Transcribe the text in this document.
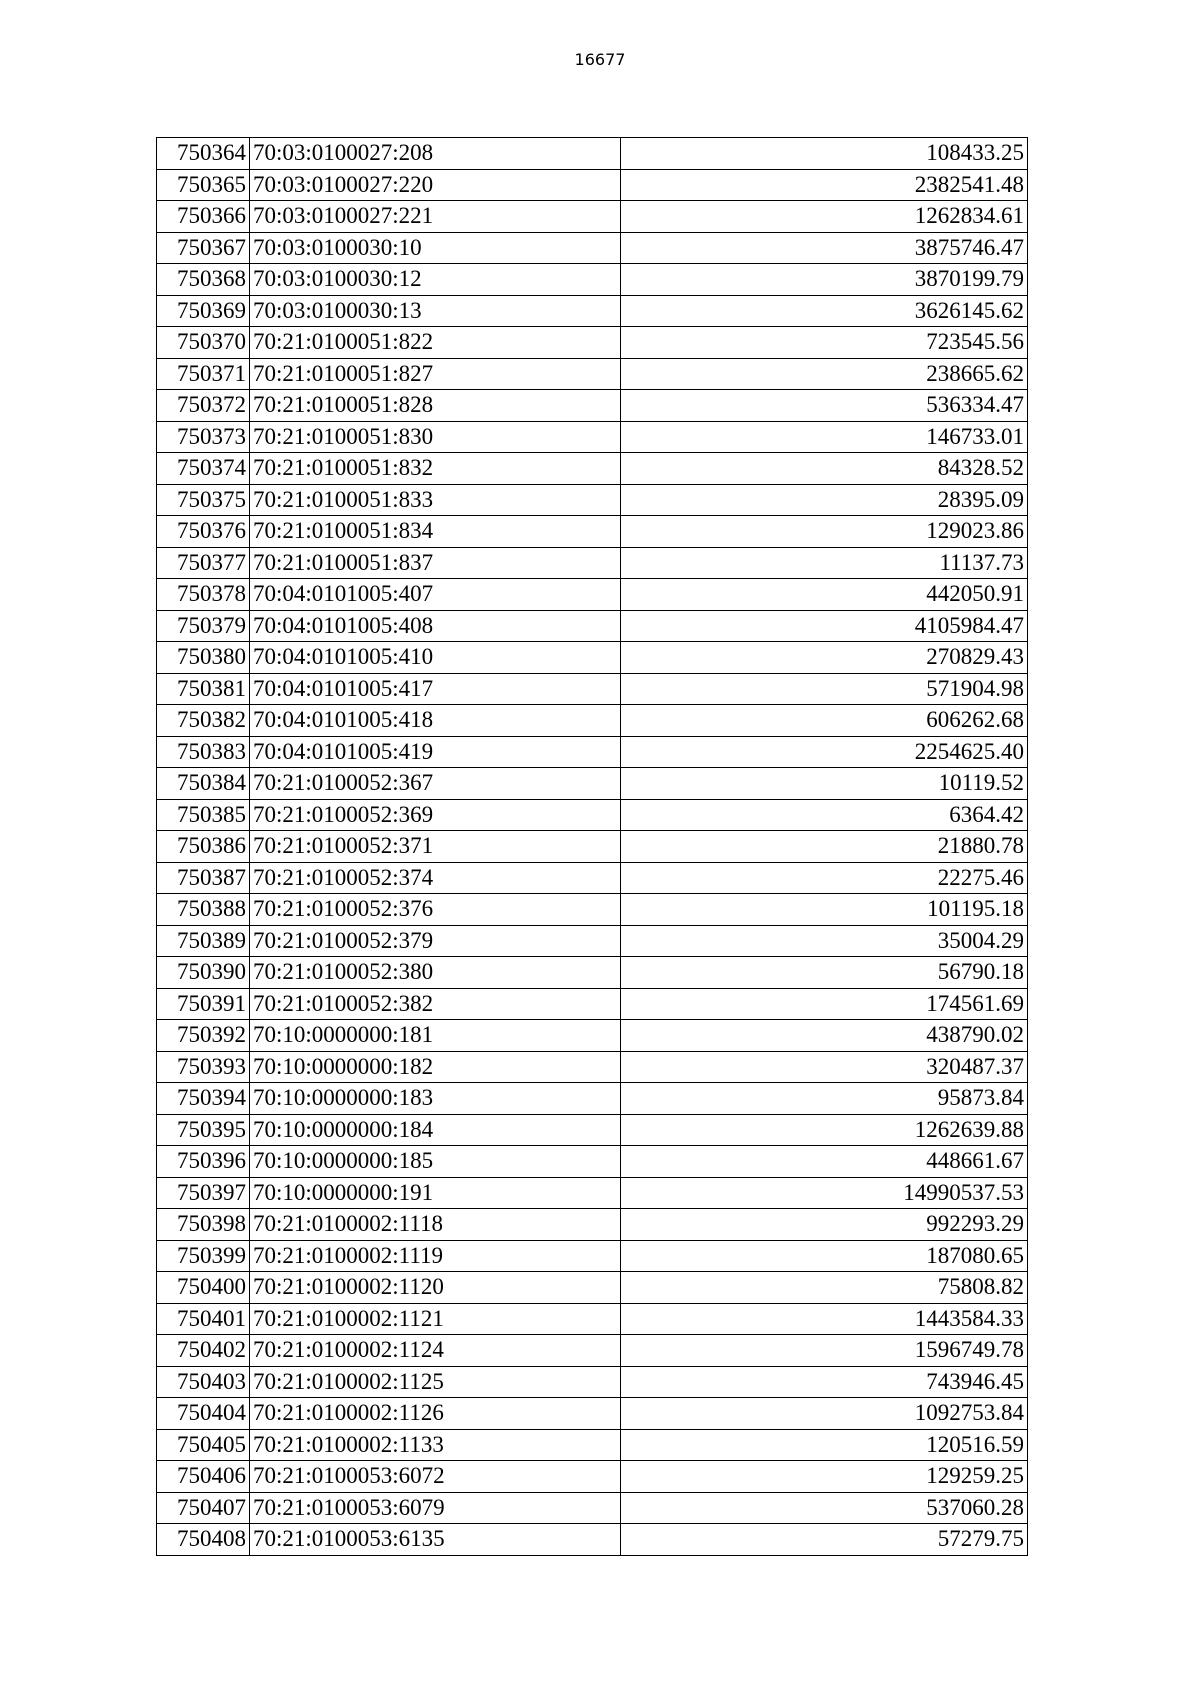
16677
750364	70:03:0100027:208	108433.25
750365	70:03:0100027:220	2382541.48
750366	70:03:0100027:221	1262834.61
750367	70:03:0100030:10	3875746.47
750368	70:03:0100030:12	3870199.79
750369	70:03:0100030:13	3626145.62
750370	70:21:0100051:822	723545.56
750371	70:21:0100051:827	238665.62
750372	70:21:0100051:828	536334.47
750373	70:21:0100051:830	146733.01
750374	70:21:0100051:832	84328.52
750375	70:21:0100051:833	28395.09
750376	70:21:0100051:834	129023.86
750377	70:21:0100051:837	11137.73
750378	70:04:0101005:407	442050.91
750379	70:04:0101005:408	4105984.47
750380	70:04:0101005:410	270829.43
750381	70:04:0101005:417	571904.98
750382	70:04:0101005:418	606262.68
750383	70:04:0101005:419	2254625.40
750384	70:21:0100052:367	10119.52
750385	70:21:0100052:369	6364.42
750386	70:21:0100052:371	21880.78
750387	70:21:0100052:374	22275.46
750388	70:21:0100052:376	101195.18
750389	70:21:0100052:379	35004.29
750390	70:21:0100052:380	56790.18
750391	70:21:0100052:382	174561.69
750392	70:10:0000000:181	438790.02
750393	70:10:0000000:182	320487.37
750394	70:10:0000000:183	95873.84
750395	70:10:0000000:184	1262639.88
750396	70:10:0000000:185	448661.67
750397	70:10:0000000:191	14990537.53
750398	70:21:0100002:1118	992293.29
750399	70:21:0100002:1119	187080.65
750400	70:21:0100002:1120	75808.82
750401	70:21:0100002:1121	1443584.33
750402	70:21:0100002:1124	1596749.78
750403	70:21:0100002:1125	743946.45
750404	70:21:0100002:1126	1092753.84
750405	70:21:0100002:1133	120516.59
750406	70:21:0100053:6072	129259.25
750407	70:21:0100053:6079	537060.28
750408	70:21:0100053:6135	57279.75
